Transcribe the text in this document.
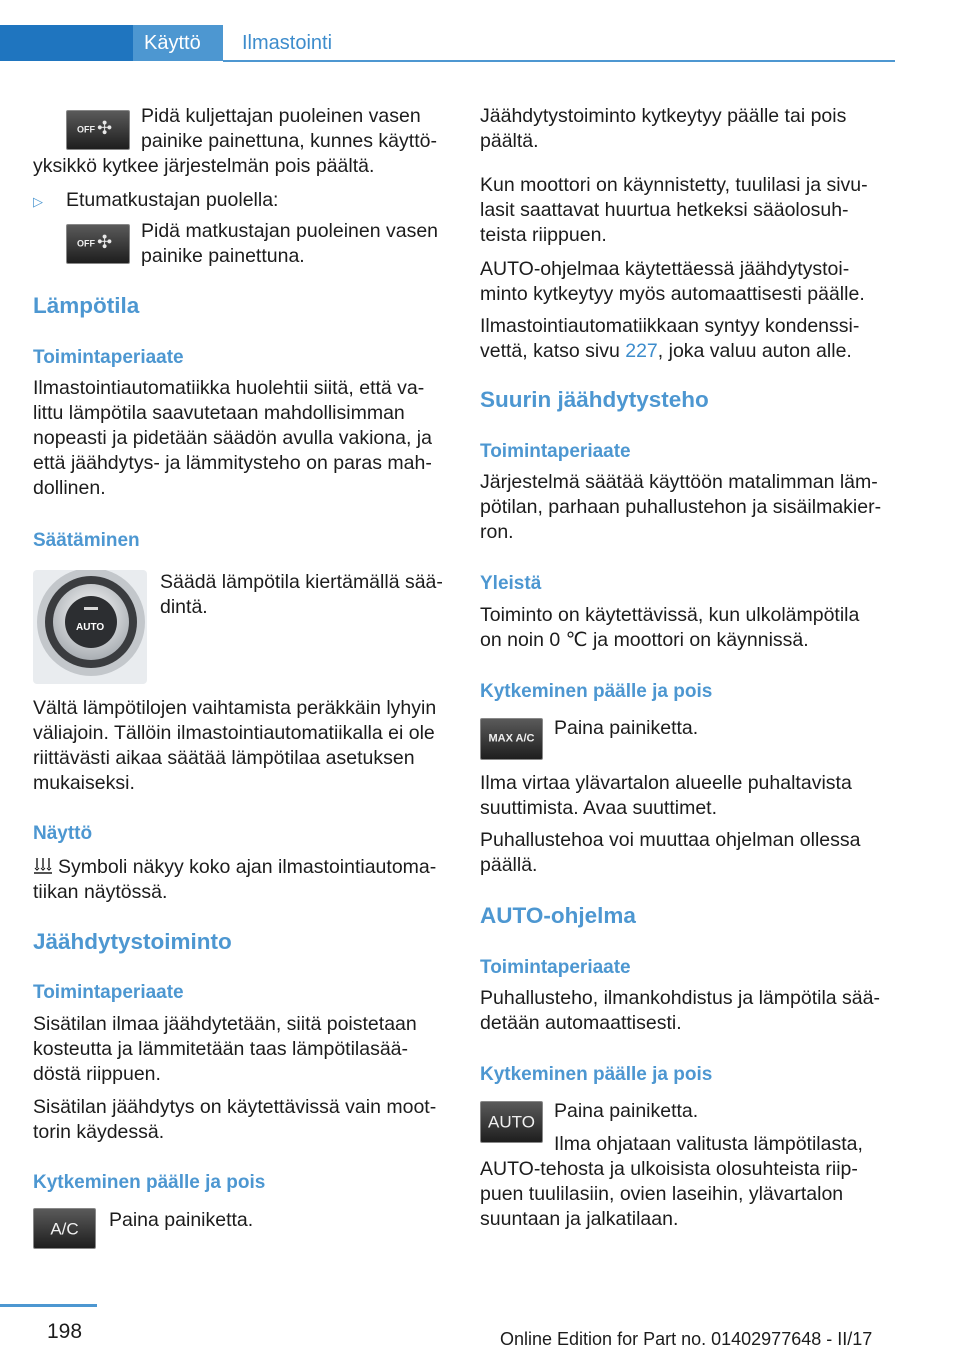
Käyttö Ilmastointi
OFF ✣
Pidä kuljettajan puoleinen vasen
painike painettuna, kunnes käyttö-
yksikkö kytkee järjestelmän pois päältä.
▷ Etumatkustajan puolella:
OFF ✣ Pidä matkustajan puoleinen vasen
painike painettuna.
Lämpötila
Toimintaperiaate
Ilmastointiautomatiikka huolehtii siitä, että va-
littu lämpötila saavutetaan mahdollisimman
nopeasti ja pidetään säädön avulla vakiona, ja
että jäähdytys- ja lämmitysteho on paras mah-
dollinen.
Säätäminen
AUTO
Säädä lämpötila kiertämällä sää-
dintä.
Vältä lämpötilojen vaihtamista peräkkäin lyhyin
väliajoin. Tällöin ilmastointiautomatiikalla ei ole
riittävästi aikaa säätää lämpötilaa asetuksen
mukaiseksi.
Näyttö
Symboli näkyy koko ajan ilmastointiautoma-
tiikan näytössä.
Jäähdytystoiminto
Toimintaperiaate
Sisätilan ilmaa jäähdytetään, siitä poistetaan
kosteutta ja lämmitetään taas lämpötilasää-
döstä riippuen.
Sisätilan jäähdytys on käytettävissä vain moot-
torin käydessä.
Kytkeminen päälle ja pois
A/C	Paina painiketta.
Jäähdytystoiminto kytkeytyy päälle tai pois
päältä.
Kun moottori on käynnistetty, tuulilasi ja sivu-
lasit saattavat huurtua hetkeksi sääolosuh-
teista riippuen.
AUTO-ohjelmaa käytettäessä jäähdytystoi-
minto kytkeytyy myös automaattisesti päälle.
Ilmastointiautomatiikkaan syntyy kondenssi-
vettä, katso sivu 227, joka valuu auton alle.
Suurin jäähdytysteho
Toimintaperiaate
Järjestelmä säätää käyttöön matalimman läm-
pötilan, parhaan puhallustehon ja sisäilmakier-
ron.
Yleistä
Toiminto on käytettävissä, kun ulkolämpötila
on noin 0 ℃ ja moottori on käynnissä.
Kytkeminen päälle ja pois
MAX A/C Paina painiketta.
Ilma virtaa ylävartalon alueelle puhaltavista
suuttimista. Avaa suuttimet.
Puhallustehoa voi muuttaa ohjelman ollessa
päällä.
AUTO-ohjelma
Toimintaperiaate
Puhallusteho, ilmankohdistus ja lämpötila sää-
detään automaattisesti.
Kytkeminen päälle ja pois
AUTO Paina painiketta.
Ilma ohjataan valitusta lämpötilasta,
AUTO-tehosta ja ulkoisista olosuhteista riip-
puen tuulilasiin, ovien laseihin, ylävartalon
suuntaan ja jalkatilaan.
198	Online Edition for Part no. 01402977648 - II/17
